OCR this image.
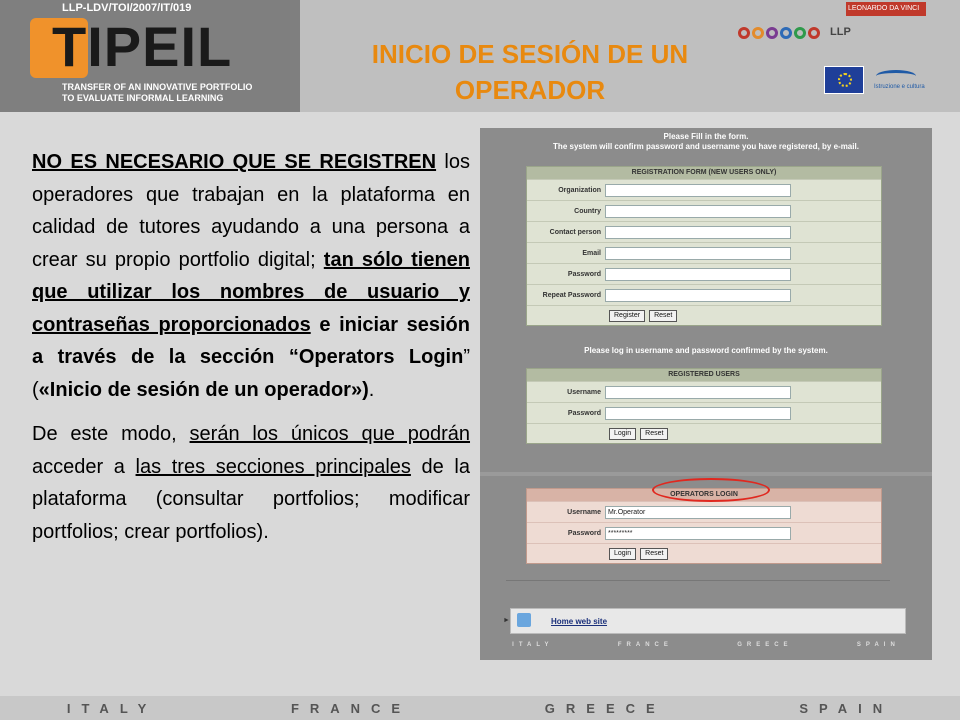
LLP-LDV/TOI/2007/IT/019
TIPEIL
TRANSFER OF AN INNOVATIVE PORTFOLIO
TO EVALUATE INFORMAL LEARNING
INICIO DE SESIÓN DE UN
OPERADOR
LLP
LEONARDO DA VINCI
Istruzione e cultura

NO ES NECESARIO QUE SE REGISTREN los operadores que trabajan en la plataforma en calidad de tutores ayudando a una persona a crear su propio portfolio digital; tan sólo tienen que utilizar los nombres de usuario y contraseñas proporcionados e iniciar sesión a través de la sección “Operators Login” («Inicio de sesión de un operador»).

De este modo, serán los únicos que podrán acceder a las tres secciones principales de la plataforma (consultar portfolios; modificar portfolios; crear portfolios).

Please Fill in the form.
The system will confirm password and username you have registered, by e-mail.
REGISTRATION FORM (NEW USERS ONLY)
Organization
Country
Contact person
Email
Password
Repeat Password
Register	Reset
Please log in username and password confirmed by the system.
REGISTERED USERS
Username
Password
Login	Reset
OPERATORS LOGIN
Username	Mr.Operator
Password	*********
Login	Reset
►	Home web site
ITALY	FRANCE	GREECE	SPAIN
ITALY	FRANCE	GREECE	SPAIN
